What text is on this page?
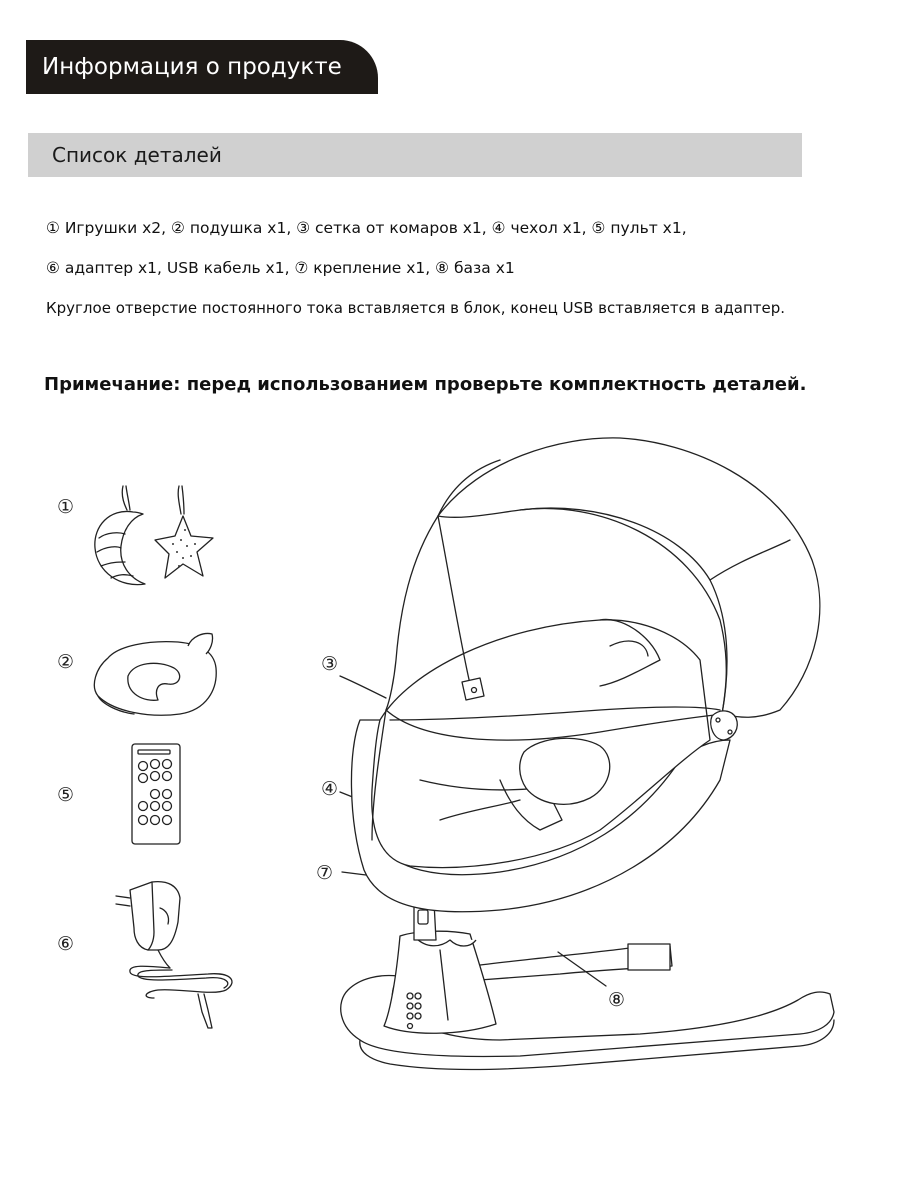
Информация о продукте
Список деталей
① Игрушки x2, ② подушка x1, ③ сетка от комаров x1, ④ чехол x1, ⑤ пульт x1,
⑥ адаптер x1, USB кабель x1, ⑦ крепление x1, ⑧ база x1
Круглое отверстие постоянного тока вставляется в блок, конец USB вставляется в адаптер.
Примечание: перед использованием проверьте комплектность деталей.
①
②
⑤
⑥
③
④
⑦
⑧
